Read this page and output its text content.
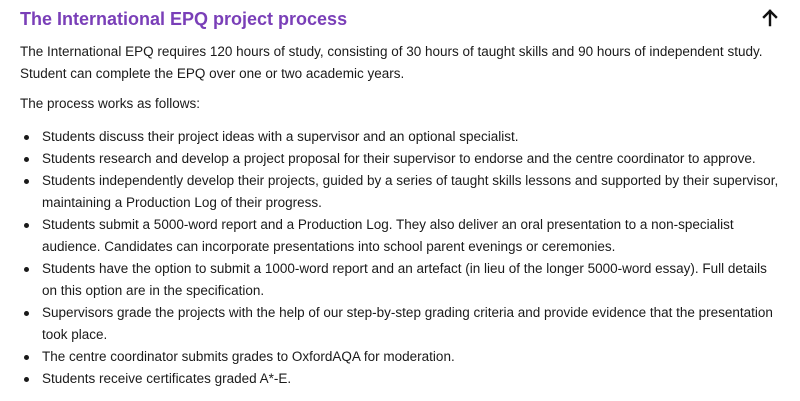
The International EPQ project process

The International EPQ requires 120 hours of study, consisting of 30 hours of taught skills and 90 hours of independent study. Student can complete the EPQ over one or two academic years.

The process works as follows:

Students discuss their project ideas with a supervisor and an optional specialist.
Students research and develop a project proposal for their supervisor to endorse and the centre coordinator to approve.
Students independently develop their projects, guided by a series of taught skills lessons and supported by their supervisor, maintaining a Production Log of their progress.
Students submit a 5000-word report and a Production Log. They also deliver an oral presentation to a non-specialist audience. Candidates can incorporate presentations into school parent evenings or ceremonies.
Students have the option to submit a 1000-word report and an artefact (in lieu of the longer 5000-word essay). Full details on this option are in the specification.
Supervisors grade the projects with the help of our step-by-step grading criteria and provide evidence that the presentation took place.
The centre coordinator submits grades to OxfordAQA for moderation.
Students receive certificates graded A*-E.
